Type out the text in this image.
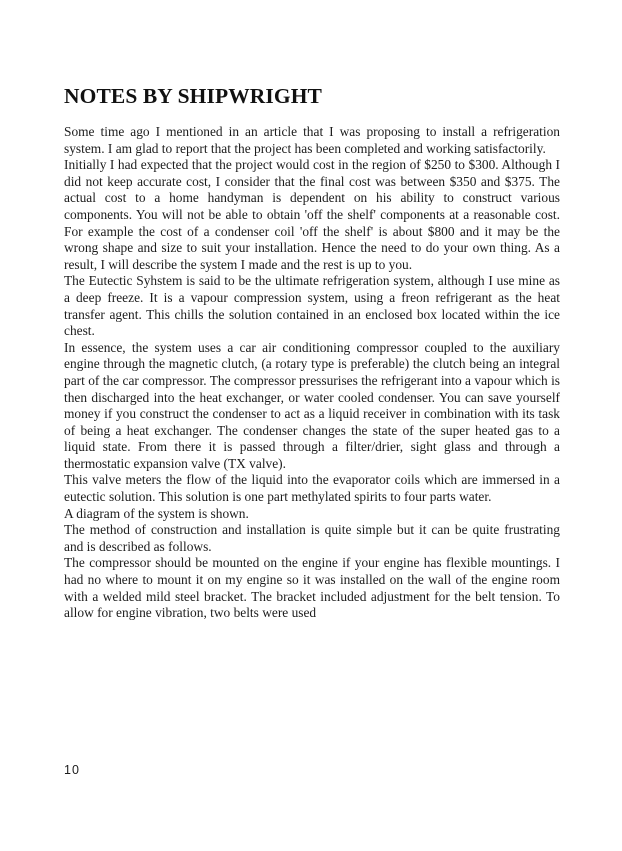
NOTES BY SHIPWRIGHT

Some time ago I mentioned in an article that I was proposing to install a refrigeration system. I am glad to report that the project has been completed and working satisfactorily.

Initially I had expected that the project would cost in the region of $250 to $300. Although I did not keep accurate cost, I consider that the final cost was between $350 and $375. The actual cost to a home handyman is dependent on his ability to construct various components. You will not be able to obtain 'off the shelf' components at a reasonable cost. For example the cost of a condenser coil 'off the shelf' is about $800 and it may be the wrong shape and size to suit your installation. Hence the need to do your own thing. As a result, I will describe the system I made and the rest is up to you.

The Eutectic Syhstem is said to be the ultimate refrigeration system, although I use mine as a deep freeze. It is a vapour compression system, using a freon refrigerant as the heat transfer agent. This chills the solution contained in an enclosed box located within the ice chest.

In essence, the system uses a car air conditioning compressor coupled to the auxiliary engine through the magnetic clutch, (a rotary type is preferable) the clutch being an integral part of the car compressor. The compressor pressurises the refrigerant into a vapour which is then discharged into the heat exchanger, or water cooled condenser. You can save yourself money if you construct the condenser to act as a liquid receiver in combination with its task of being a heat exchanger. The condenser changes the state of the super heated gas to a liquid state. From there it is passed through a filter/drier, sight glass and through a thermostatic expansion valve (TX valve).

This valve meters the flow of the liquid into the evaporator coils which are immersed in a eutectic solution. This solution is one part methylated spirits to four parts water.

A diagram of the system is shown.

The method of construction and installation is quite simple but it can be quite frustrating and is described as follows.

The compressor should be mounted on the engine if your engine has flexible mountings. I had no where to mount it on my engine so it was installed on the wall of the engine room with a welded mild steel bracket. The bracket included adjustment for the belt tension. To allow for engine vibration, two belts were used

10
